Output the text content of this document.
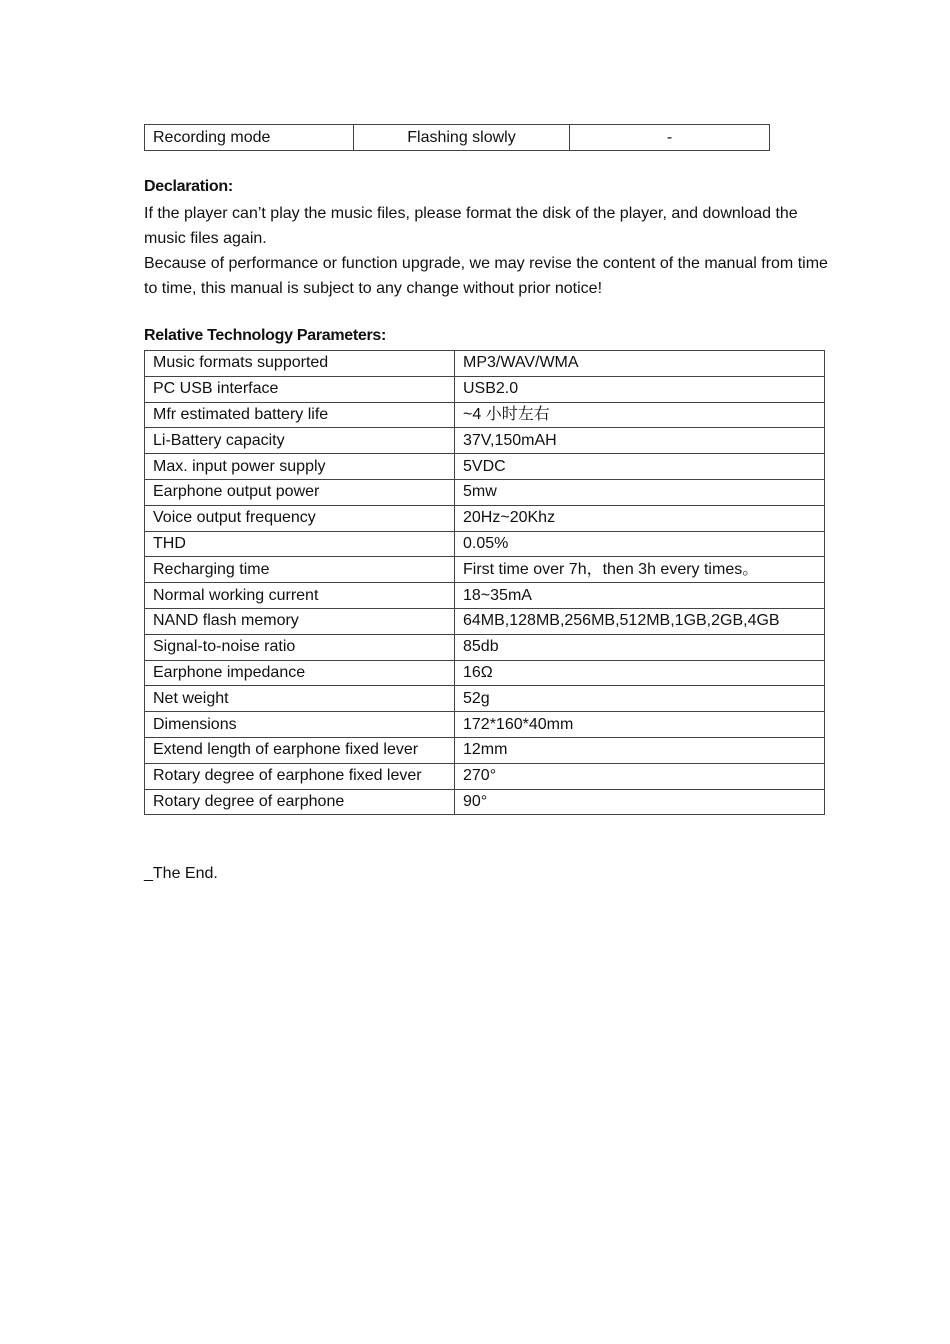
Recording mode	Flashing slowly	-
Declaration:
If the player can’t play the music files, please format the disk of the player, and download the music files again.
Because of performance or function upgrade, we may revise the content of the manual from time to time, this manual is subject to any change without prior notice!
Relative Technology Parameters:
Music formats supported	MP3/WAV/WMA
PC USB interface	USB2.0
Mfr estimated battery life	~4 小时左右
Li-Battery capacity	37V,150mAH
Max. input power supply	5VDC
Earphone output power	5mw
Voice output frequency	20Hz~20Khz
THD	0.05%
Recharging time	First time over 7h，then 3h every times。
Normal working current	18~35mA
NAND flash memory	64MB,128MB,256MB,512MB,1GB,2GB,4GB
Signal-to-noise ratio	85db
Earphone impedance	16Ω
Net weight	52g
Dimensions	172*160*40mm
Extend length of earphone fixed lever	12mm
Rotary degree of earphone fixed lever	270°
Rotary degree of earphone	90°
_The End.
